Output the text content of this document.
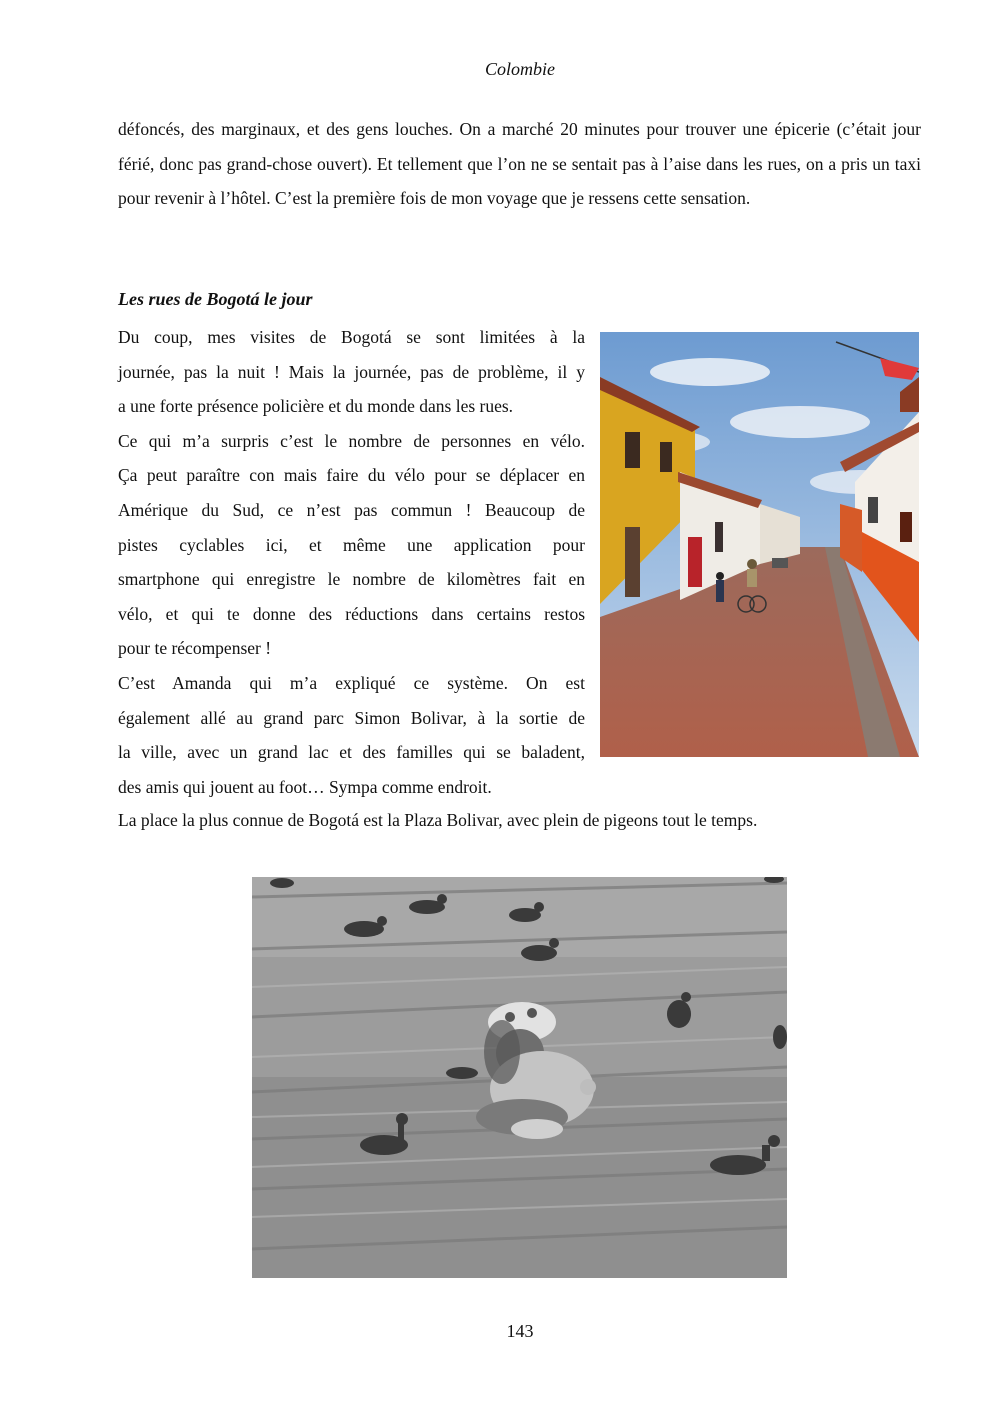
Colombie

défoncés, des marginaux, et des gens louches. On a marché 20 minutes pour trouver une épicerie (c’était jour férié, donc pas grand-chose ouvert). Et tellement que l’on ne se sentait pas à l’aise dans les rues, on a pris un taxi pour revenir à l’hôtel. C’est la première fois de mon voyage que je ressens cette sensation.

Les rues de Bogotá le jour

Du coup, mes visites de Bogotá se sont limitées à la
journée, pas la nuit ! Mais la journée, pas de problème, il y
a une forte présence policière et du monde dans les rues.
Ce qui m’a surpris c’est le nombre de personnes en vélo.
Ça peut paraître con mais faire du vélo pour se déplacer en
Amérique du Sud, ce n’est pas commun ! Beaucoup de
pistes cyclables ici, et même une application pour
smartphone qui enregistre le nombre de kilomètres fait en
vélo, et qui te donne des réductions dans certains restos
pour te récompenser !
C’est Amanda qui m’a expliqué ce système. On est
également allé au grand parc Simon Bolivar, à la sortie de
la ville, avec un grand lac et des familles qui se baladent,
des amis qui jouent au foot… Sympa comme endroit.

La place la plus connue de Bogotá est la Plaza Bolivar, avec plein de pigeons tout le temps.

143
